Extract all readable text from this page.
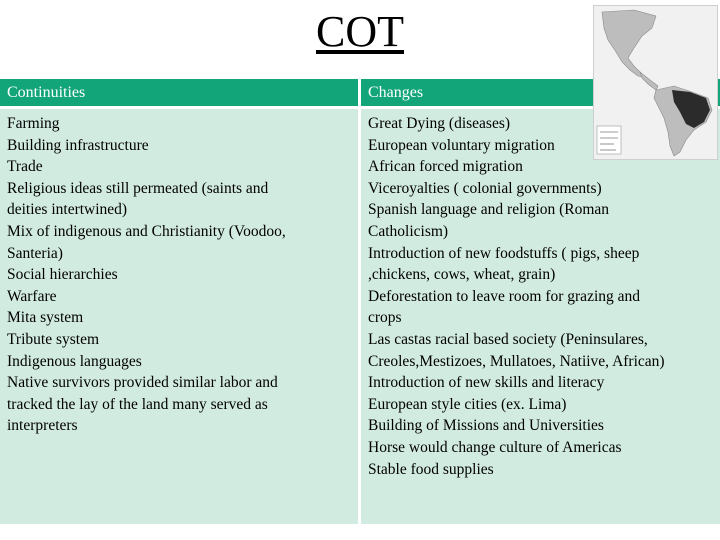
COT
Continuities	Changes
Farming
Building infrastructure
Trade
Religious ideas still permeated (saints and
deities intertwined)
Mix of indigenous and Christianity (Voodoo,
Santeria)
Social hierarchies
Warfare
Mita system
Tribute system
Indigenous languages
Native survivors provided similar labor and
tracked the lay of the land many served as
interpreters
Great Dying (diseases)
European voluntary migration
African forced migration
Viceroyalties ( colonial governments)
Spanish language and religion (Roman
Catholicism)
Introduction of new foodstuffs ( pigs, sheep
,chickens, cows, wheat, grain)
Deforestation to leave room for grazing and
crops
Las castas racial based society (Peninsulares,
Creoles,Mestizoes, Mullatoes, Natiive, African)
Introduction of new skills and literacy
European style cities (ex. Lima)
Building of Missions and Universities
Horse would change culture of Americas
Stable food supplies
